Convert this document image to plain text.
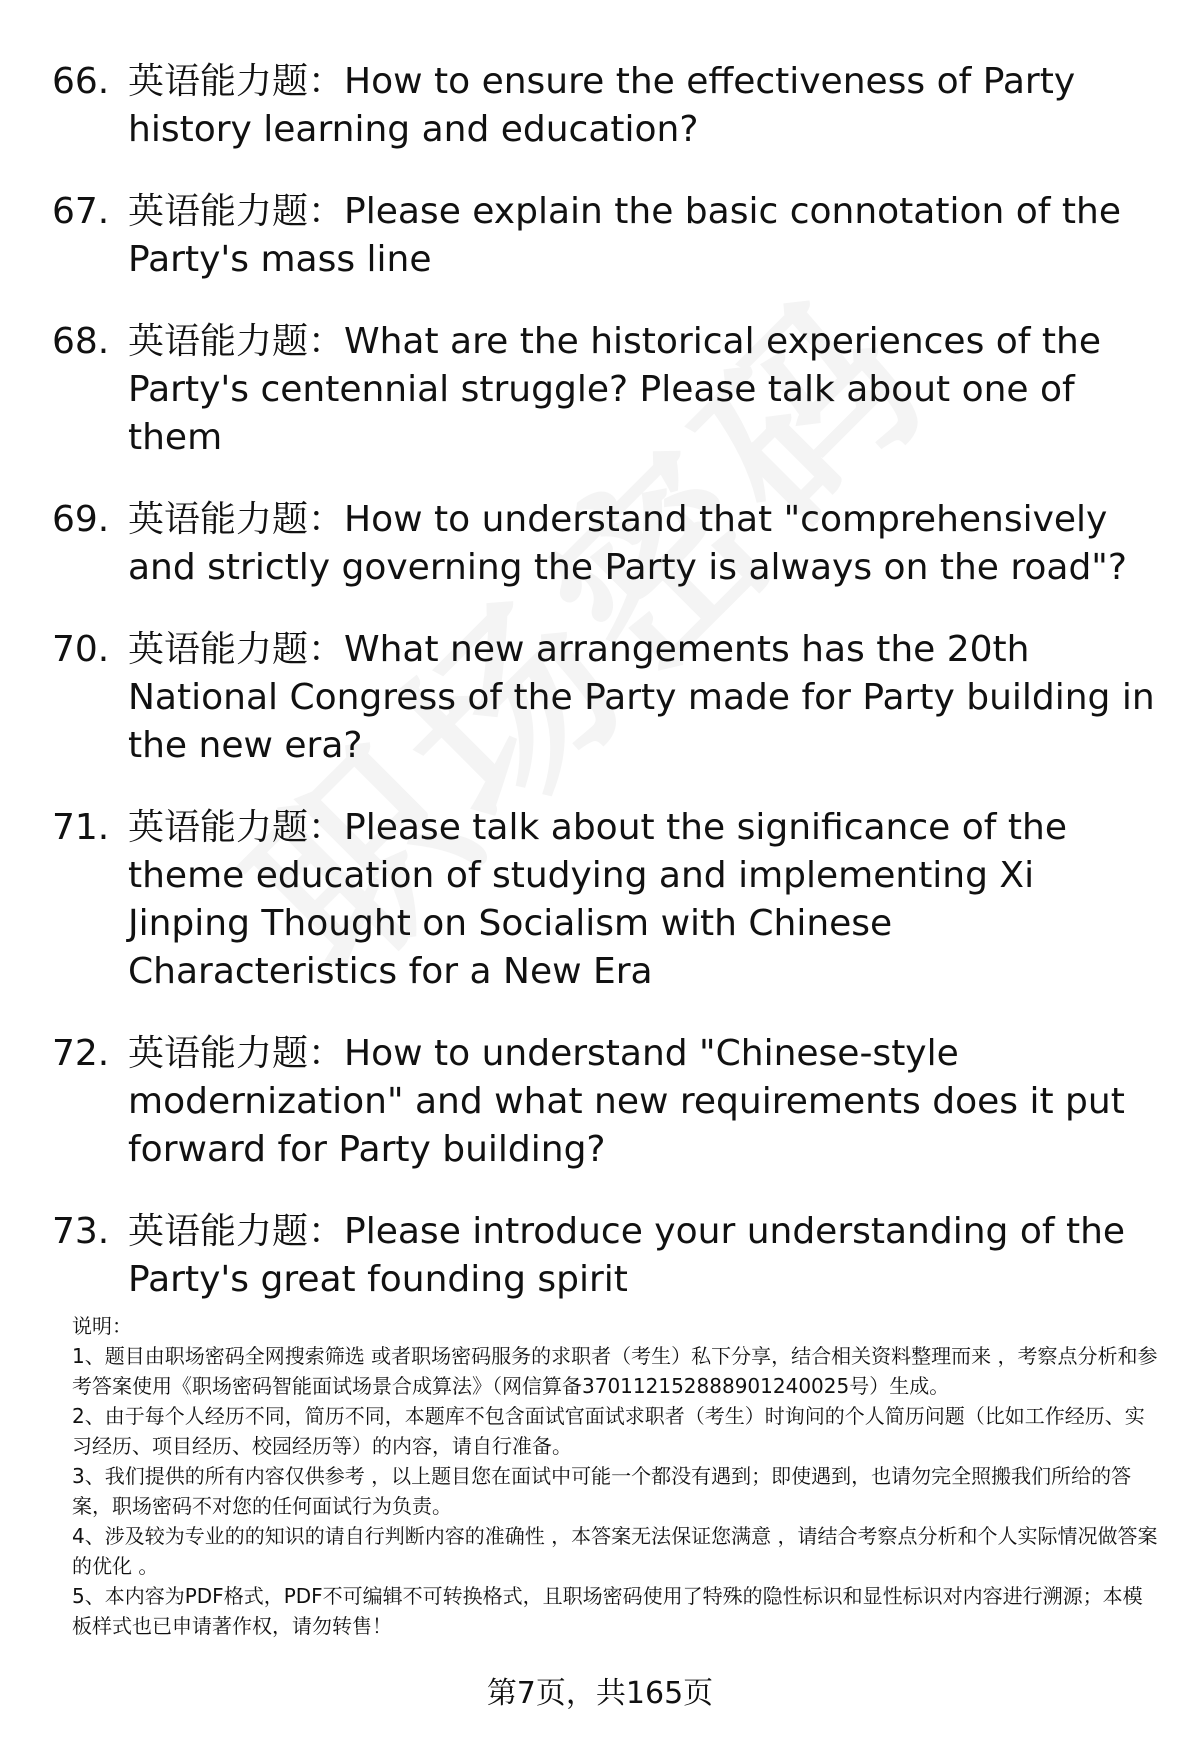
66. 英语能力题：How to ensure the effectiveness of Party history learning and education?
67. 英语能力题：Please explain the basic connotation of the Party's mass line
68. 英语能力题：What are the historical experiences of the Party's centennial struggle? Please talk about one of them
69. 英语能力题：How to understand that "comprehensively and strictly governing the Party is always on the road"?
70. 英语能力题：What new arrangements has the 20th National Congress of the Party made for Party building in the new era?
71. 英语能力题：Please talk about the significance of the theme education of studying and implementing Xi Jinping Thought on Socialism with Chinese Characteristics for a New Era
72. 英语能力题：How to understand "Chinese-style modernization" and what new requirements does it put forward for Party building?
73. 英语能力题：Please introduce your understanding of the Party's great founding spirit

说明：

1、题目由职场密码全网搜索筛选 或者职场密码服务的求职者（考生）私下分享，结合相关资料整理而来 ，考察点分析和参考答案使用《职场密码智能面试场景合成算法》（网信算备370112152888901240025号）生成。

2、由于每个人经历不同，简历不同，本题库不包含面试官面试求职者（考生）时询问的个人简历问题（比如工作经历、实习经历、项目经历、校园经历等）的内容，请自行准备。

3、我们提供的所有内容仅供参考 ，以上题目您在面试中可能一个都没有遇到；即使遇到，也请勿完全照搬我们所给的答案，职场密码不对您的任何面试行为负责。

4、涉及较为专业的的知识的请自行判断内容的准确性 ，本答案无法保证您满意 ，请结合考察点分析和个人实际情况做答案的优化 。

5、本内容为PDF格式，PDF不可编辑不可转换格式，且职场密码使用了特殊的隐性标识和显性标识对内容进行溯源；本模板样式也已申请著作权，请勿转售！

第7页，共165页
